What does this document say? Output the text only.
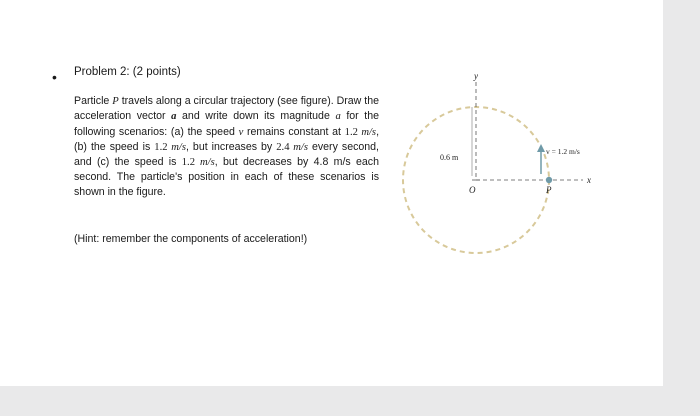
• Problem 2: (2 points)
Particle P travels along a circular trajectory (see figure). Draw the acceleration vector a and write down its magnitude a for the following scenarios: (a) the speed v remains constant at 1.2 m/s, (b) the speed is 1.2 m/s, but increases by 2.4 m/s every second, and (c) the speed is 1.2 m/s, but decreases by 4.8 m/s each second. The particle's position in each of these scenarios is shown in the figure.
(Hint: remember the components of acceleration!)
y
x
O	P
0.6 m
v = 1.2 m/s
